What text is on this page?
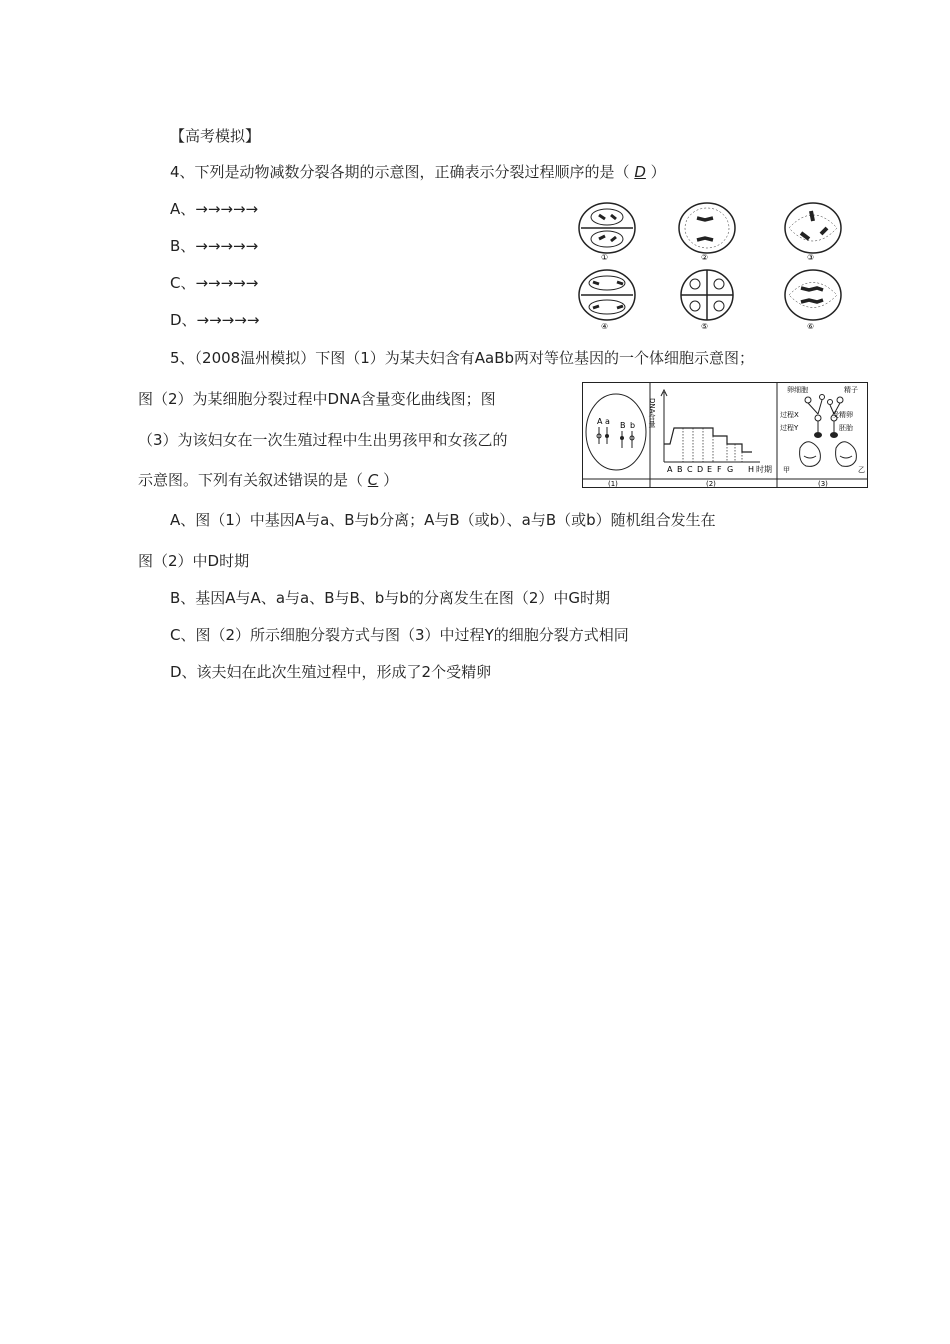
【高考模拟】
4、下列是动物减数分裂各期的示意图，正确表示分裂过程顺序的是（ D ）
A、→→→→→
B、→→→→→
C、→→→→→
D、→→→→→
①	②	③
④	⑤	⑥
5、（2008温州模拟）下图（1）为某夫妇含有AaBb两对等位基因的一个体细胞示意图；
图（2）为某细胞分裂过程中DNA含量变化曲线图；图
（3）为该妇女在一次生殖过程中生出男孩甲和女孩乙的
示意图。下列有关叙述错误的是（ C ）
A a B b
(1)
DNA含量
A B C D E F G H 时期
(2)
卵细胞	精子
过程X	受精卵
过程Y	胚胎
甲	乙
(3)
A、图（1）中基因A与a、B与b分离；A与B（或b）、a与B（或b）随机组合发生在
图（2）中D时期
B、基因A与A、a与a、B与B、b与b的分离发生在图（2）中G时期
C、图（2）所示细胞分裂方式与图（3）中过程Y的细胞分裂方式相同
D、该夫妇在此次生殖过程中，形成了2个受精卵
